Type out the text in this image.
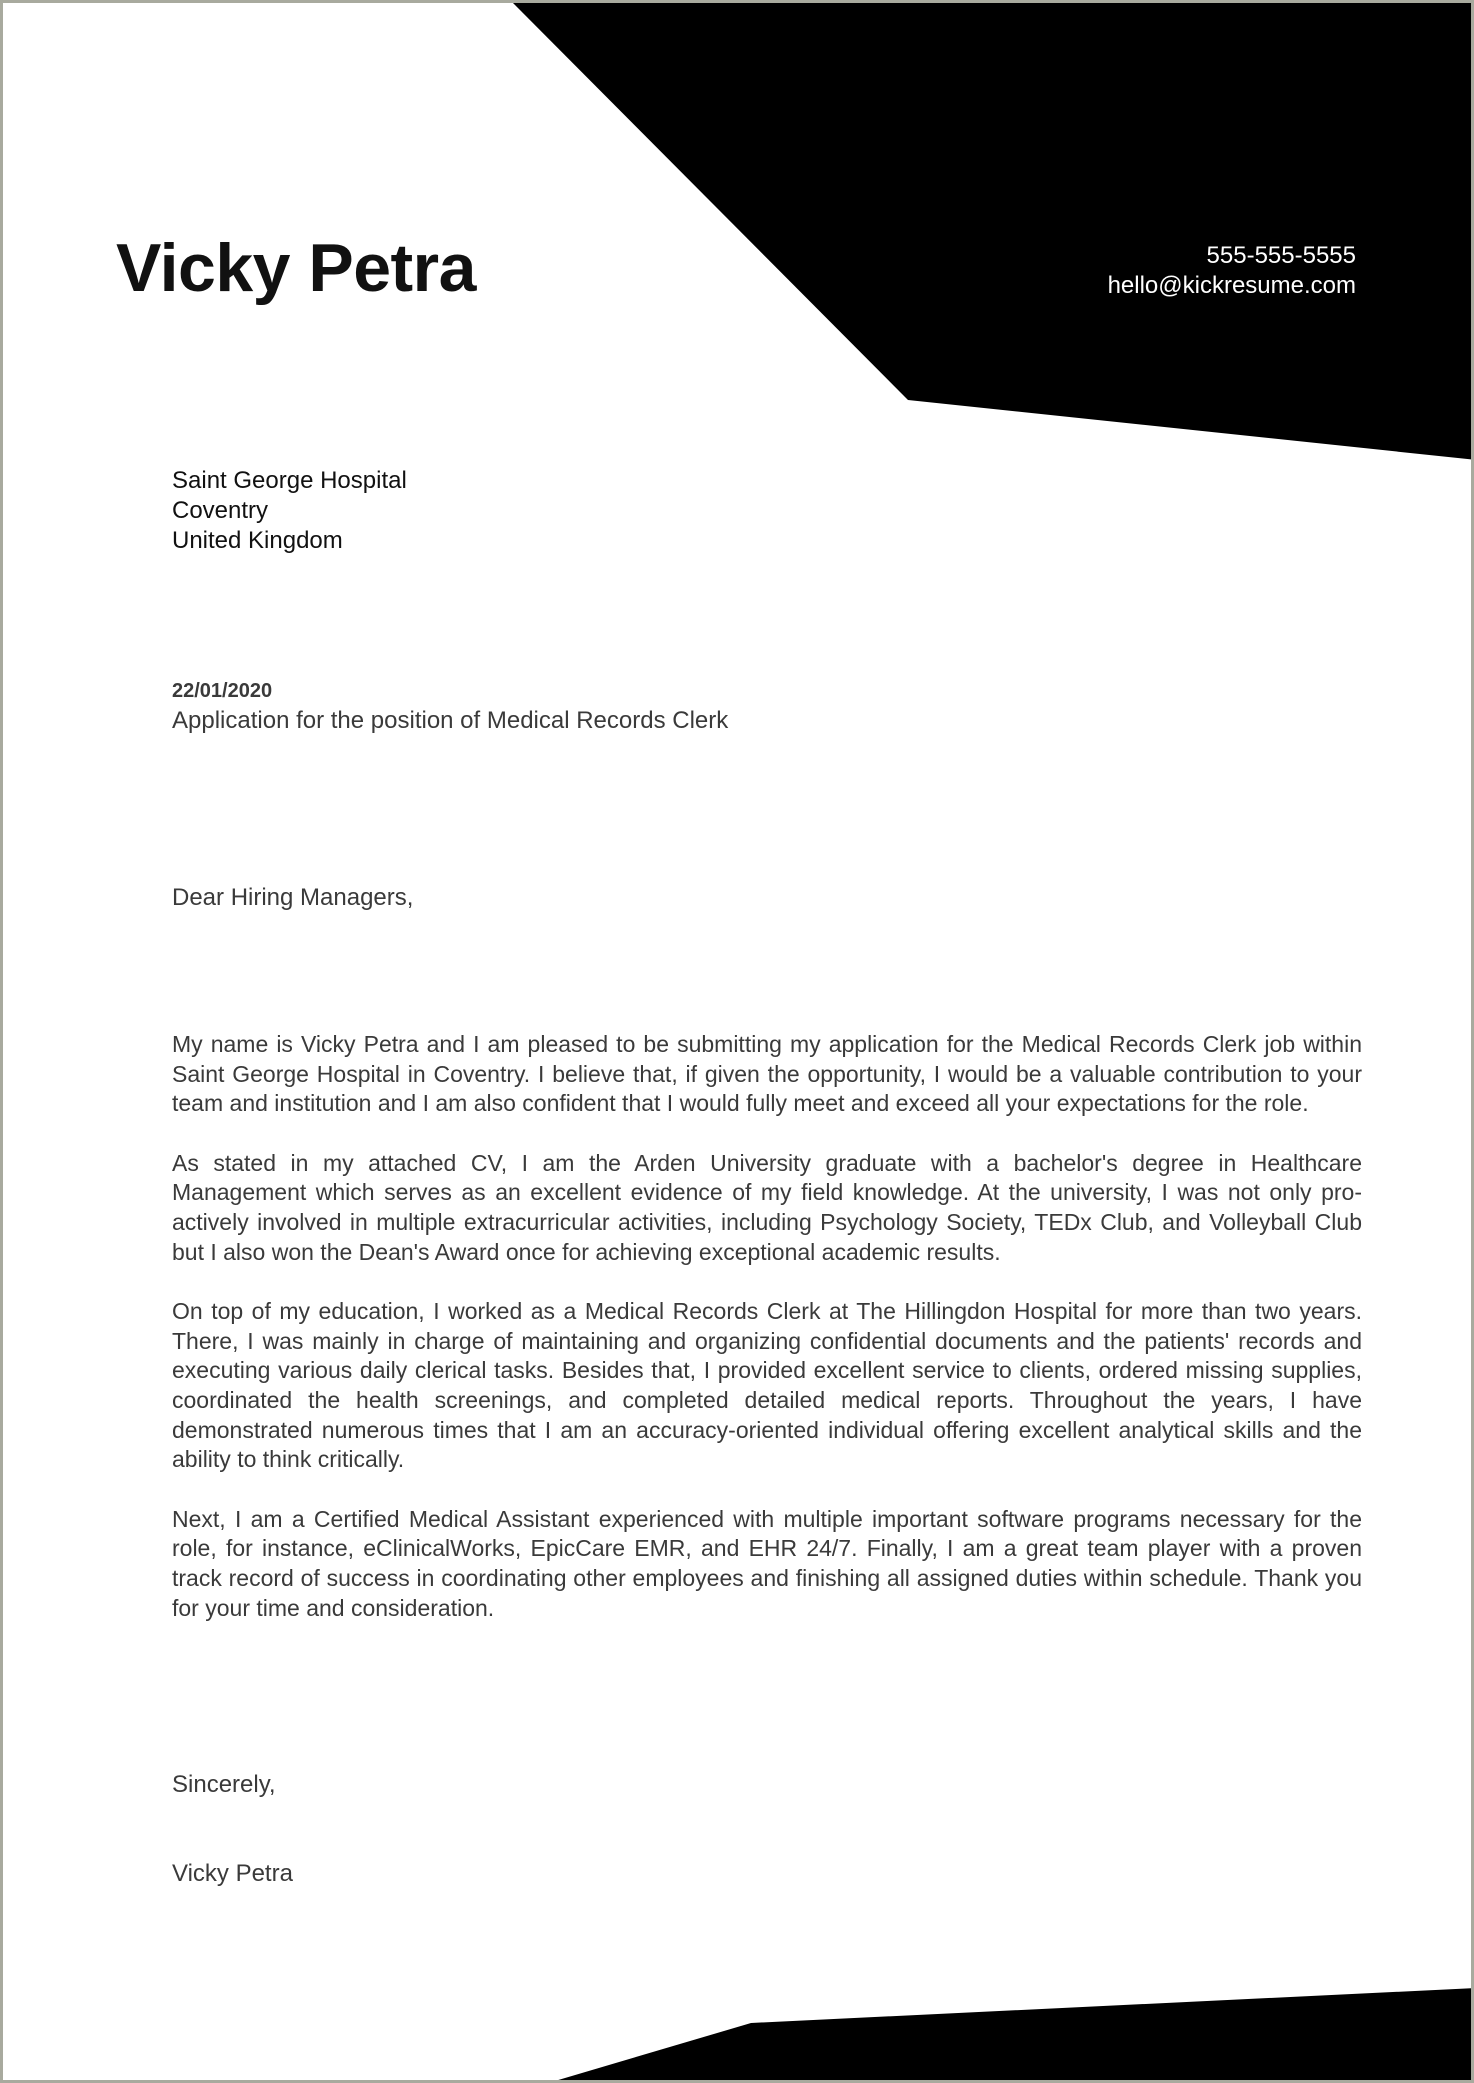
Vicky Petra	555-555-5555
hello@kickresume.com
Saint George Hospital
Coventry
United Kingdom
22/01/2020
Application for the position of Medical Records Clerk
Dear Hiring Managers,

My name is Vicky Petra and I am pleased to be submitting my application for the Medical Records Clerk job within Saint George Hospital in Coventry. I believe that, if given the opportunity, I would be a valuable contribution to your team and institution and I am also confident that I would fully meet and exceed all your expectations for the role.

As stated in my attached CV, I am the Arden University graduate with a bachelor's degree in Healthcare Management which serves as an excellent evidence of my field knowledge. At the university, I was not only pro-actively involved in multiple extracurricular activities, including Psychology Society, TEDx Club, and Volleyball Club but I also won the Dean's Award once for achieving exceptional academic results.

On top of my education, I worked as a Medical Records Clerk at The Hillingdon Hospital for more than two years. There, I was mainly in charge of maintaining and organizing confidential documents and the patients' records and executing various daily clerical tasks. Besides that, I provided excellent service to clients, ordered missing supplies, coordinated the health screenings, and completed detailed medical reports. Throughout the years, I have demonstrated numerous times that I am an accuracy-oriented individual offering excellent analytical skills and the ability to think critically.

Next, I am a Certified Medical Assistant experienced with multiple important software programs necessary for the role, for instance, eClinicalWorks, EpicCare EMR, and EHR 24/7. Finally, I am a great team player with a proven track record of success in coordinating other employees and finishing all assigned duties within schedule. Thank you for your time and consideration.

Sincerely,
Vicky Petra
